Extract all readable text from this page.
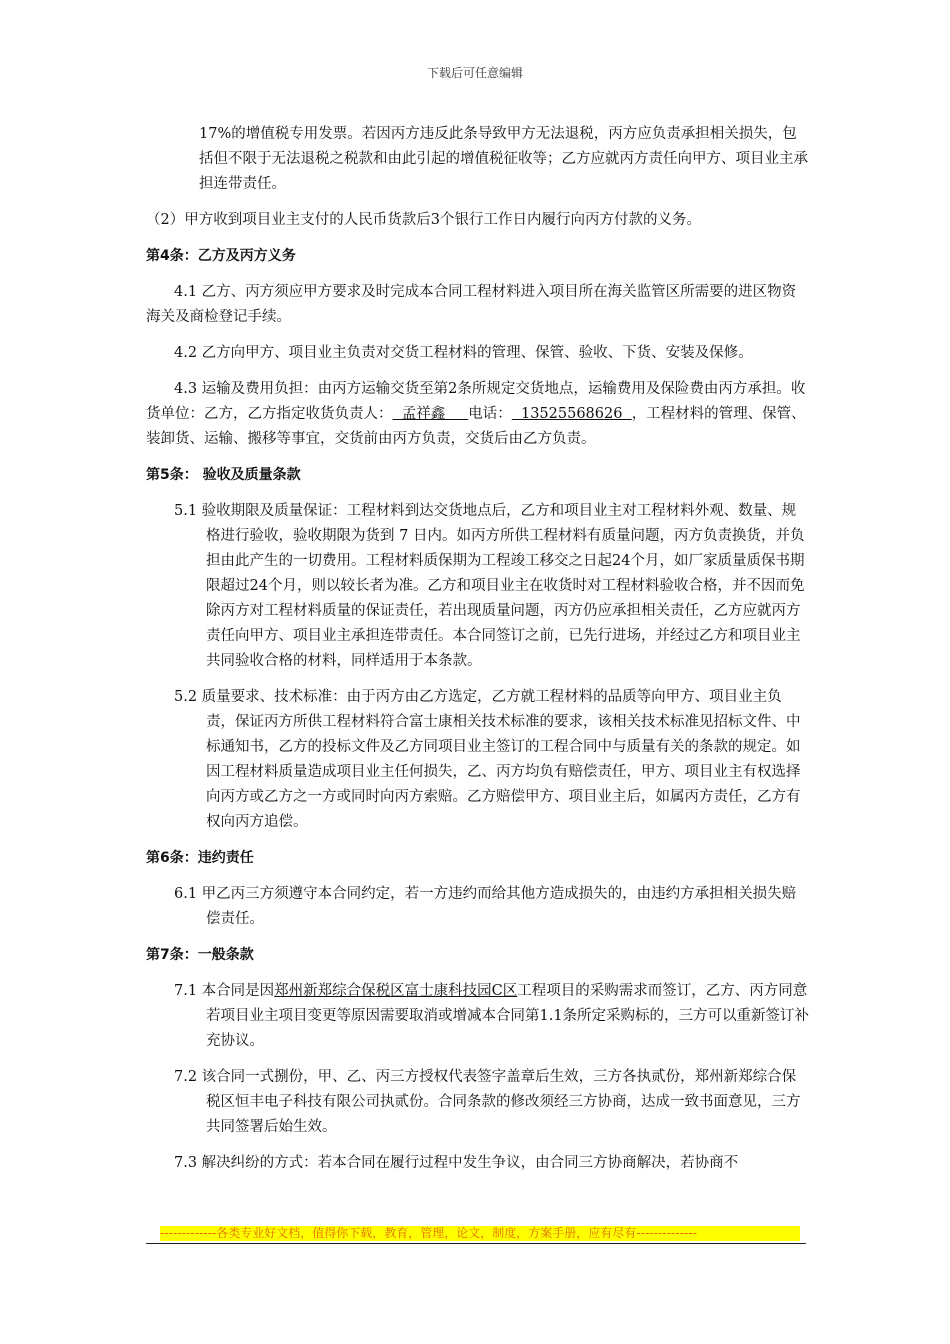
下载后可任意编辑

17%的增值税专用发票。若因丙方违反此条导致甲方无法退税，丙方应负责承担相关损失，包括但不限于无法退税之税款和由此引起的增值税征收等；乙方应就丙方责任向甲方、项目业主承担连带责任。

（2）甲方收到项目业主支付的人民币货款后3个银行工作日内履行向丙方付款的义务。

第4条：乙方及丙方义务

4.1 乙方、丙方须应甲方要求及时完成本合同工程材料进入项目所在海关监管区所需要的进区物资海关及商检登记手续。

4.2 乙方向甲方、项目业主负责对交货工程材料的管理、保管、验收、下货、安装及保修。

4.3 运输及费用负担：由丙方运输交货至第2条所规定交货地点，运输费用及保险费由丙方承担。收货单位：乙方，乙方指定收货负责人：  孟祥鑫     电话：  13525568626  ，工程材料的管理、保管、装卸货、运输、搬移等事宜，交货前由丙方负责，交货后由乙方负责。

第5条： 验收及质量条款

5.1 验收期限及质量保证：工程材料到达交货地点后，乙方和项目业主对工程材料外观、数量、规格进行验收，验收期限为货到 7 日内。如丙方所供工程材料有质量问题，丙方负责换货，并负担由此产生的一切费用。工程材料质保期为工程竣工移交之日起24个月，如厂家质量质保书期限超过24个月，则以较长者为准。乙方和项目业主在收货时对工程材料验收合格，并不因而免除丙方对工程材料质量的保证责任，若出现质量问题，丙方仍应承担相关责任，乙方应就丙方责任向甲方、项目业主承担连带责任。本合同签订之前，已先行进场，并经过乙方和项目业主共同验收合格的材料，同样适用于本条款。

5.2 质量要求、技术标准：由于丙方由乙方选定，乙方就工程材料的品质等向甲方、项目业主负责，保证丙方所供工程材料符合富士康相关技术标准的要求，该相关技术标准见招标文件、中标通知书，乙方的投标文件及乙方同项目业主签订的工程合同中与质量有关的条款的规定。如因工程材料质量造成项目业主任何损失，乙、丙方均负有赔偿责任，甲方、项目业主有权选择向丙方或乙方之一方或同时向丙方索赔。乙方赔偿甲方、项目业主后，如属丙方责任，乙方有权向丙方追偿。

第6条：违约责任

6.1 甲乙丙三方须遵守本合同约定，若一方违约而给其他方造成损失的，由违约方承担相关损失赔偿责任。

第7条：一般条款

7.1 本合同是因郑州新郑综合保税区富士康科技园C区工程项目的采购需求而签订，乙方、丙方同意若项目业主项目变更等原因需要取消或增减本合同第1.1条所定采购标的，三方可以重新签订补充协议。

7.2 该合同一式捌份，甲、乙、丙三方授权代表签字盖章后生效，三方各执贰份，郑州新郑综合保税区恒丰电子科技有限公司执贰份。合同条款的修改须经三方协商，达成一致书面意见，三方共同签署后始生效。

7.3 解决纠纷的方式：若本合同在履行过程中发生争议，由合同三方协商解决，若协商不

-------------各类专业好文档，值得你下载，教育，管理，论文，制度，方案手册，应有尽有--------------
